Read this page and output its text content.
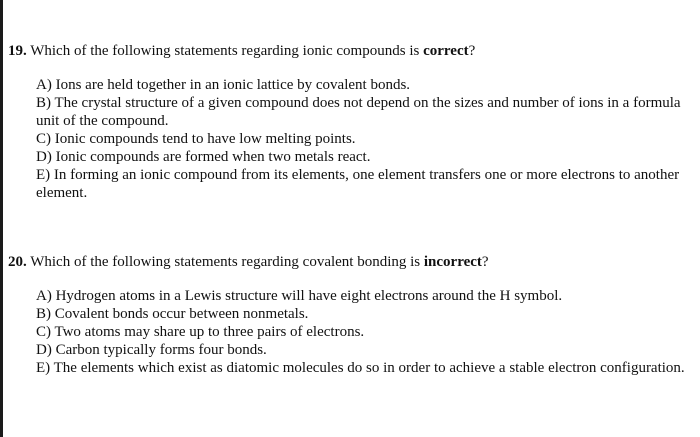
19. Which of the following statements regarding ionic compounds is correct?

A) Ions are held together in an ionic lattice by covalent bonds.
B) The crystal structure of a given compound does not depend on the sizes and number of ions in a formula unit of the compound.
C) Ionic compounds tend to have low melting points.
D) Ionic compounds are formed when two metals react.
E) In forming an ionic compound from its elements, one element transfers one or more electrons to another element.

20. Which of the following statements regarding covalent bonding is incorrect?

A) Hydrogen atoms in a Lewis structure will have eight electrons around the H symbol.
B) Covalent bonds occur between nonmetals.
C) Two atoms may share up to three pairs of electrons.
D) Carbon typically forms four bonds.
E) The elements which exist as diatomic molecules do so in order to achieve a stable electron configuration.
